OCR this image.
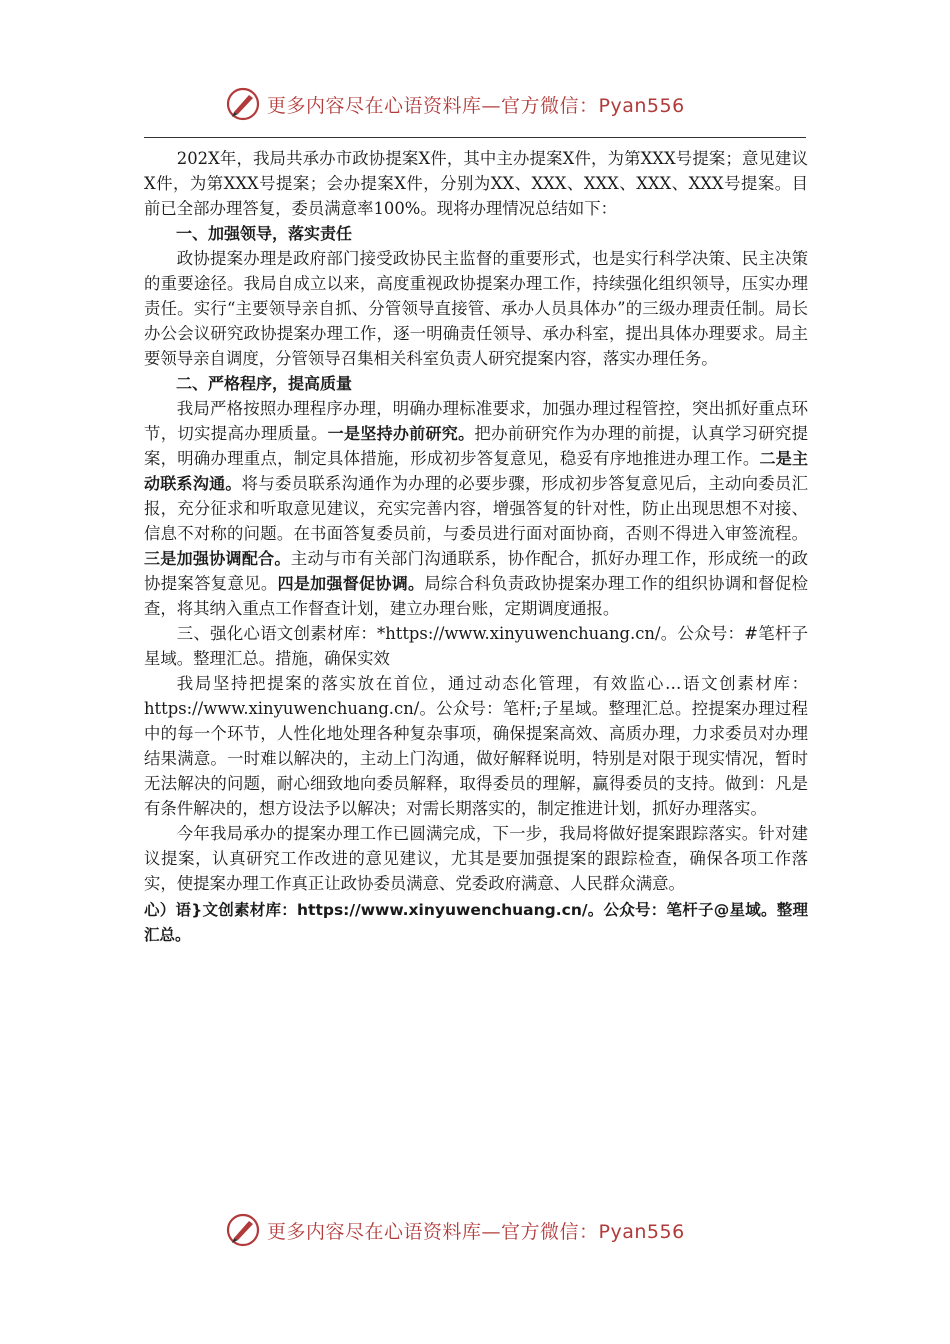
更多内容尽在心语资料库—官方微信：Pyan556

202X年，我局共承办市政协提案X件，其中主办提案X件，为第XXX号提案；意见建议X件，为第XXX号提案；会办提案X件，分别为XX、XXX、XXX、XXX、XXX号提案。目前已全部办理答复，委员满意率100%。现将办理情况总结如下：

一、加强领导，落实责任

政协提案办理是政府部门接受政协民主监督的重要形式，也是实行科学决策、民主决策的重要途径。我局自成立以来，高度重视政协提案办理工作，持续强化组织领导，压实办理责任。实行“主要领导亲自抓、分管领导直接管、承办人员具体办”的三级办理责任制。局长办公会议研究政协提案办理工作，逐一明确责任领导、承办科室，提出具体办理要求。局主要领导亲自调度，分管领导召集相关科室负责人研究提案内容，落实办理任务。

二、严格程序，提高质量

我局严格按照办理程序办理，明确办理标准要求，加强办理过程管控，突出抓好重点环节，切实提高办理质量。一是坚持办前研究。把办前研究作为办理的前提，认真学习研究提案，明确办理重点，制定具体措施，形成初步答复意见，稳妥有序地推进办理工作。二是主动联系沟通。将与委员联系沟通作为办理的必要步骤，形成初步答复意见后，主动向委员汇报，充分征求和听取意见建议，充实完善内容，增强答复的针对性，防止出现思想不对接、信息不对称的问题。在书面答复委员前，与委员进行面对面协商，否则不得进入审签流程。三是加强协调配合。主动与市有关部门沟通联系，协作配合，抓好办理工作，形成统一的政协提案答复意见。四是加强督促协调。局综合科负责政协提案办理工作的组织协调和督促检查，将其纳入重点工作督查计划，建立办理台账，定期调度通报。

三、强化心语文创素材库：*https://www.xinyuwenchuang.cn/。公众号：#笔杆子星域。整理汇总。措施，确保实效

我局坚持把提案的落实放在首位，通过动态化管理，有效监心…语文创素材库：https://www.xinyuwenchuang.cn/。公众号：笔杆;子星域。整理汇总。控提案办理过程中的每一个环节，人性化地处理各种复杂事项，确保提案高效、高质办理，力求委员对办理结果满意。一时难以解决的，主动上门沟通，做好解释说明，特别是对限于现实情况，暂时无法解决的问题，耐心细致地向委员解释，取得委员的理解，赢得委员的支持。做到：凡是有条件解决的，想方设法予以解决；对需长期落实的，制定推进计划，抓好办理落实。

今年我局承办的提案办理工作已圆满完成，下一步，我局将做好提案跟踪落实。针对建议提案，认真研究工作改进的意见建议，尤其是要加强提案的跟踪检查，确保各项工作落实，使提案办理工作真正让政协委员满意、党委政府满意、人民群众满意。

心）语}文创素材库：https://www.xinyuwenchuang.cn/。公众号：笔杆子@星域。整理汇总。

更多内容尽在心语资料库—官方微信：Pyan556
